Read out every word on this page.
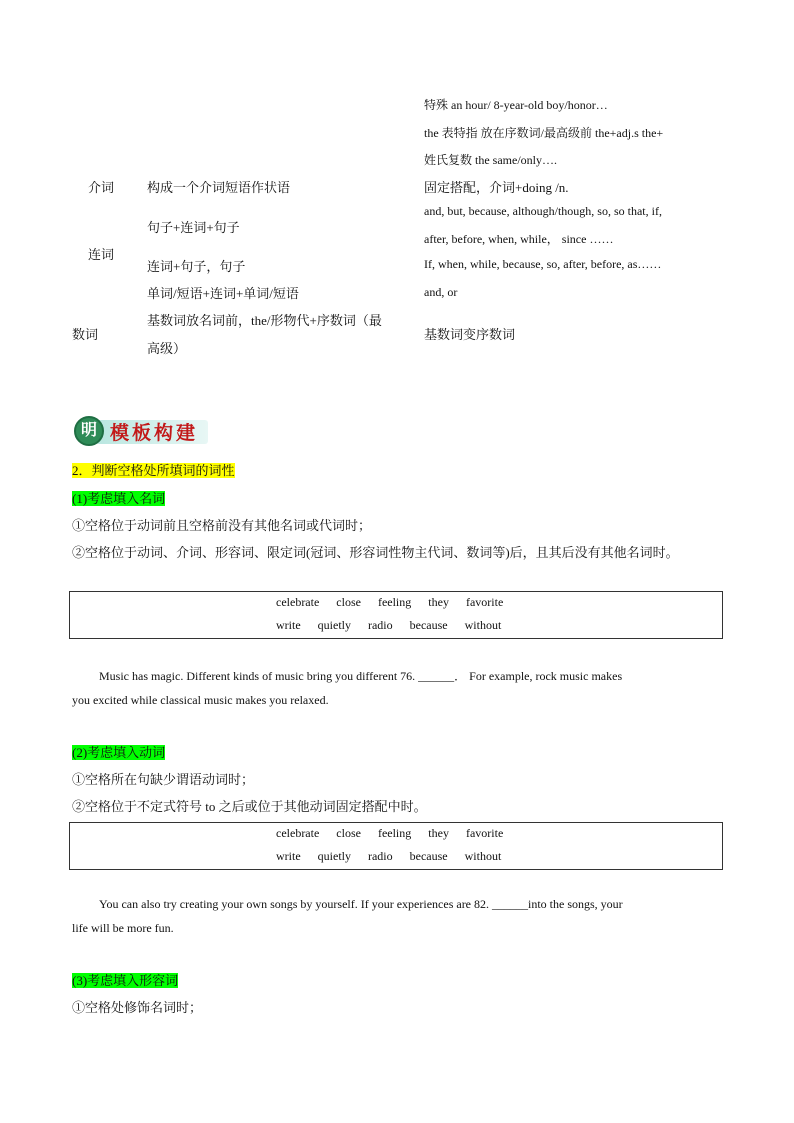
特殊 an hour/ 8-year-old boy/honor…
the 表特指 放在序数词/最高级前 the+adj.s the+
姓氏复数 the same/only….
介词	构成一个介词短语作状语	固定搭配，介词+doing /n.
连词
句子+连词+句子
连词+句子，句子
单词/短语+连词+单词/短语
and, but, because, although/though, so, so that, if,
after, before, when, while， since ……
If, when, while, because, so, after, before, as……
and, or
数词
基数词放名词前，the/形物代+序数词（最
高级）
基数词变序数词
明 模板构建
2．判断空格处所填词的词性
(1)考虑填入名词
①空格位于动词前且空格前没有其他名词或代词时；
②空格位于动词、介词、形容词、限定词(冠词、形容词性物主代词、数词等)后，且其后没有其他名词时。
celebrate close feeling they favorite
write quietly radio because without
Music has magic. Different kinds of music bring you different 76. ______． For example, rock music makes
you excited while classical music makes you relaxed.
(2)考虑填入动词
①空格所在句缺少谓语动词时；
②空格位于不定式符号 to 之后或位于其他动词固定搭配中时。
celebrate close feeling they favorite
write quietly radio because without
You can also try creating your own songs by yourself. If your experiences are 82. ______into the songs, your
life will be more fun.
(3)考虑填入形容词
①空格处修饰名词时；
